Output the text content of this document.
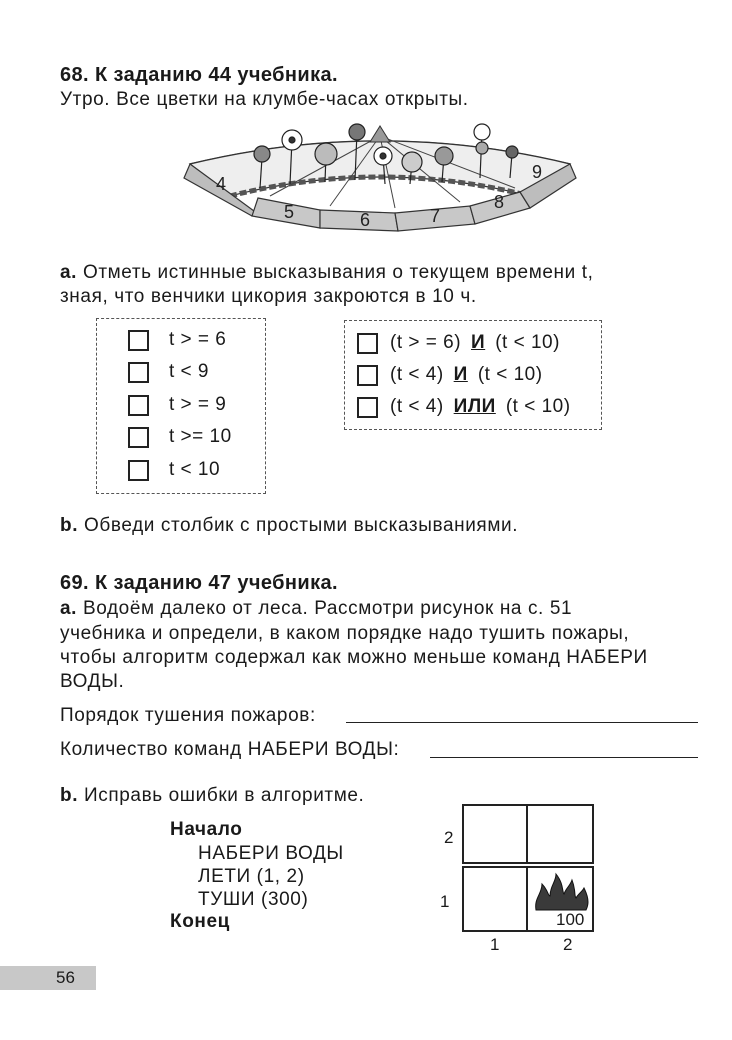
68. К заданию 44 учебника.
Утро. Все цветки на клумбе-часах открыты.
4
5	6	7
8
9
a. Отметь истинные высказывания о текущем времени t,
зная, что венчики цикория закроются в 10 ч.
t > = 6
t < 9
t > = 9
t >= 10
t < 10
(t > = 6) И (t < 10)
(t < 4) И (t < 10)
(t < 4) ИЛИ (t < 10)
b. Обведи столбик с простыми высказываниями.
69. К заданию 47 учебника.
a. Водоём далеко от леса. Рассмотри рисунок на с. 51
учебника и определи, в каком порядке надо тушить пожары,
чтобы алгоритм содержал как можно меньше команд НАБЕРИ
ВОДЫ.
Порядок тушения пожаров:
Количество команд НАБЕРИ ВОДЫ:
b. Исправь ошибки в алгоритме.
Начало
НАБЕРИ ВОДЫ
ЛЕТИ (1, 2)
ТУШИ (300)
Конец	100
2
1
1	2
56
